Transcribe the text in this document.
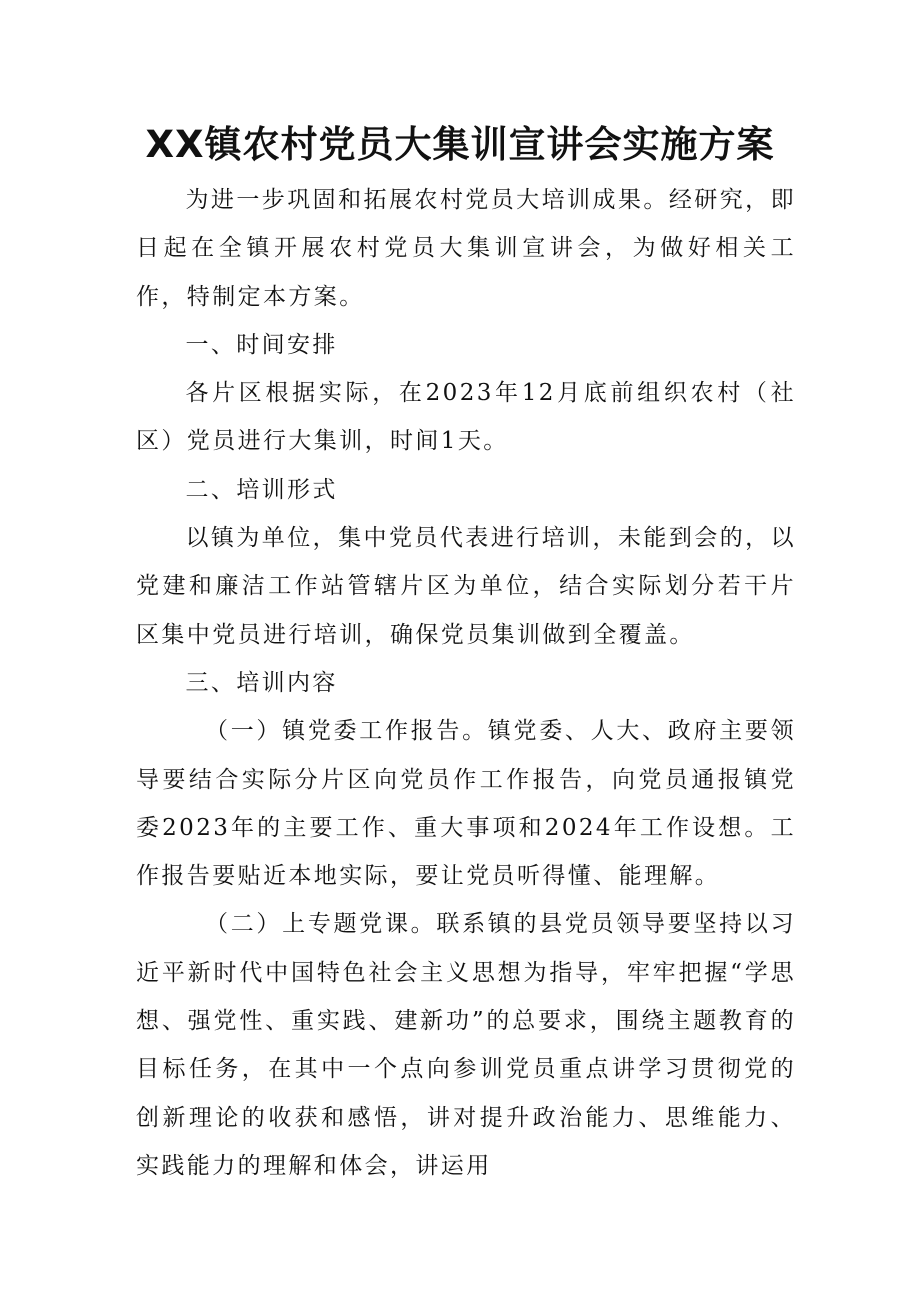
XX镇农村党员大集训宣讲会实施方案

为进一步巩固和拓展农村党员大培训成果。经研究，即日起在全镇开展农村党员大集训宣讲会，为做好相关工作，特制定本方案。

一、时间安排

各片区根据实际，在2023年12月底前组织农村（社区）党员进行大集训，时间1天。

二、培训形式

以镇为单位，集中党员代表进行培训，未能到会的，以党建和廉洁工作站管辖片区为单位，结合实际划分若干片区集中党员进行培训，确保党员集训做到全覆盖。

三、培训内容

（一）镇党委工作报告。镇党委、人大、政府主要领导要结合实际分片区向党员作工作报告，向党员通报镇党委2023年的主要工作、重大事项和2024年工作设想。工作报告要贴近本地实际，要让党员听得懂、能理解。

（二）上专题党课。联系镇的县党员领导要坚持以习近平新时代中国特色社会主义思想为指导，牢牢把握“学思想、强党性、重实践、建新功”的总要求，围绕主题教育的目标任务，在其中一个点向参训党员重点讲学习贯彻党的创新理论的收获和感悟，讲对提升政治能力、思维能力、实践能力的理解和体会，讲运用
